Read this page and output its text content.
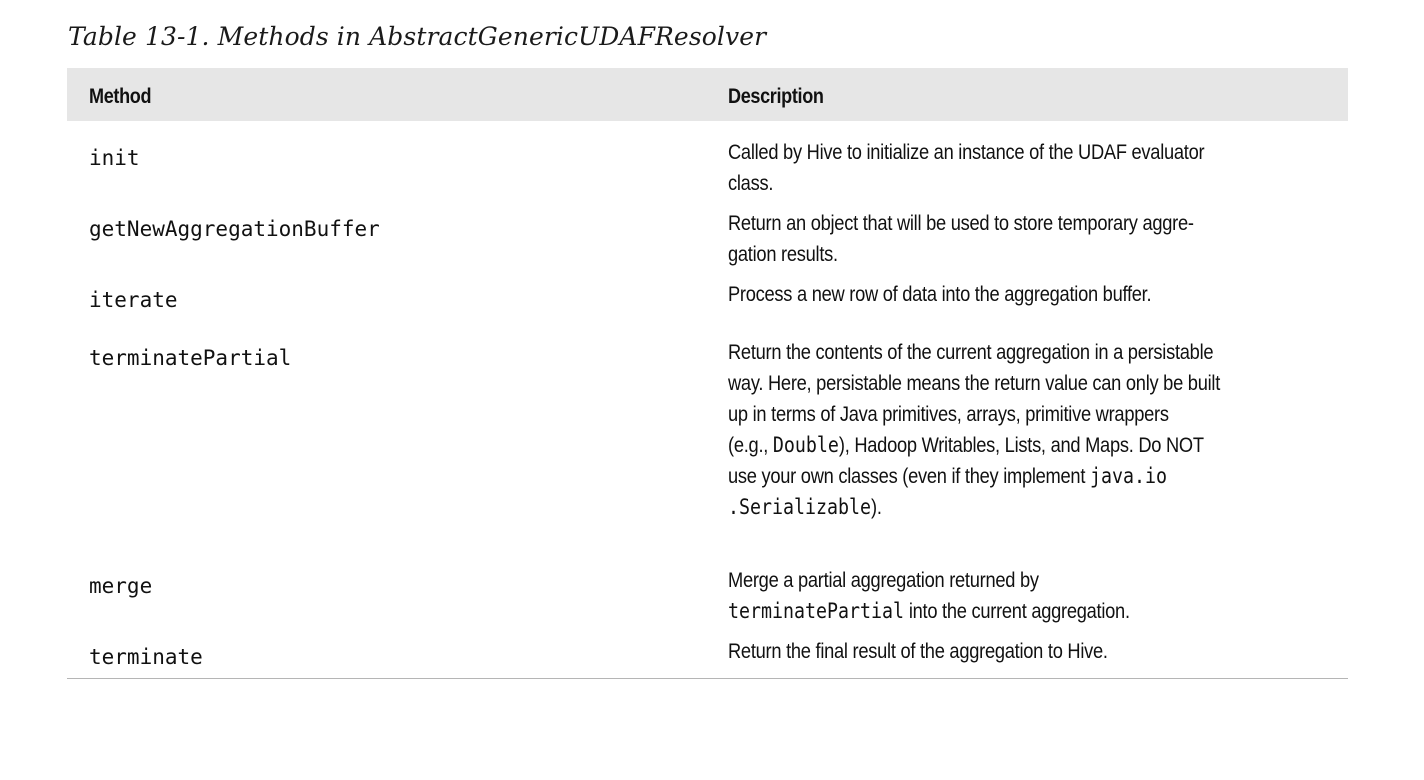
Table 13-1. Methods in AbstractGenericUDAFResolver
Method	Description
init	Called by Hive to initialize an instance of the UDAF evaluator
class.
getNewAggregationBuffer	Return an object that will be used to store temporary aggre-
gation results.
iterate	Process a new row of data into the aggregation buffer.
terminatePartial	Return the contents of the current aggregation in a persistable
way. Here, persistable means the return value can only be built
up in terms of Java primitives, arrays, primitive wrappers
(e.g., Double), Hadoop Writables, Lists, and Maps. Do NOT
use your own classes (even if they implement java.io
.Serializable).
merge	Merge a partial aggregation returned by
terminatePartial into the current aggregation.
terminate	Return the final result of the aggregation to Hive.
